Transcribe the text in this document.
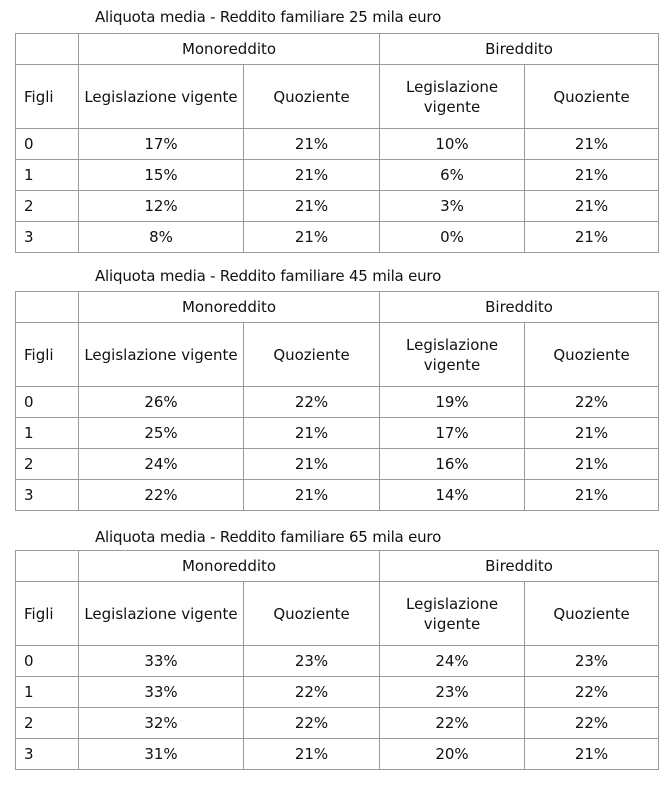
Aliquota media - Reddito familiare 25 mila euro
	Monoreddito		Bireddito	
Figli	Legislazione vigente	Quoziente	Legislazione vigente	Quoziente
0	17%	21%	10%	21%
1	15%	21%	6%	21%
2	12%	21%	3%	21%
3	8%	21%	0%	21%
Aliquota media - Reddito familiare 45 mila euro
	Monoreddito		Bireddito	
Figli	Legislazione vigente	Quoziente	Legislazione vigente	Quoziente
0	26%	22%	19%	22%
1	25%	21%	17%	21%
2	24%	21%	16%	21%
3	22%	21%	14%	21%
Aliquota media - Reddito familiare 65 mila euro
	Monoreddito		Bireddito	
Figli	Legislazione vigente	Quoziente	Legislazione vigente	Quoziente
0	33%	23%	24%	23%
1	33%	22%	23%	22%
2	32%	22%	22%	22%
3	31%	21%	20%	21%
